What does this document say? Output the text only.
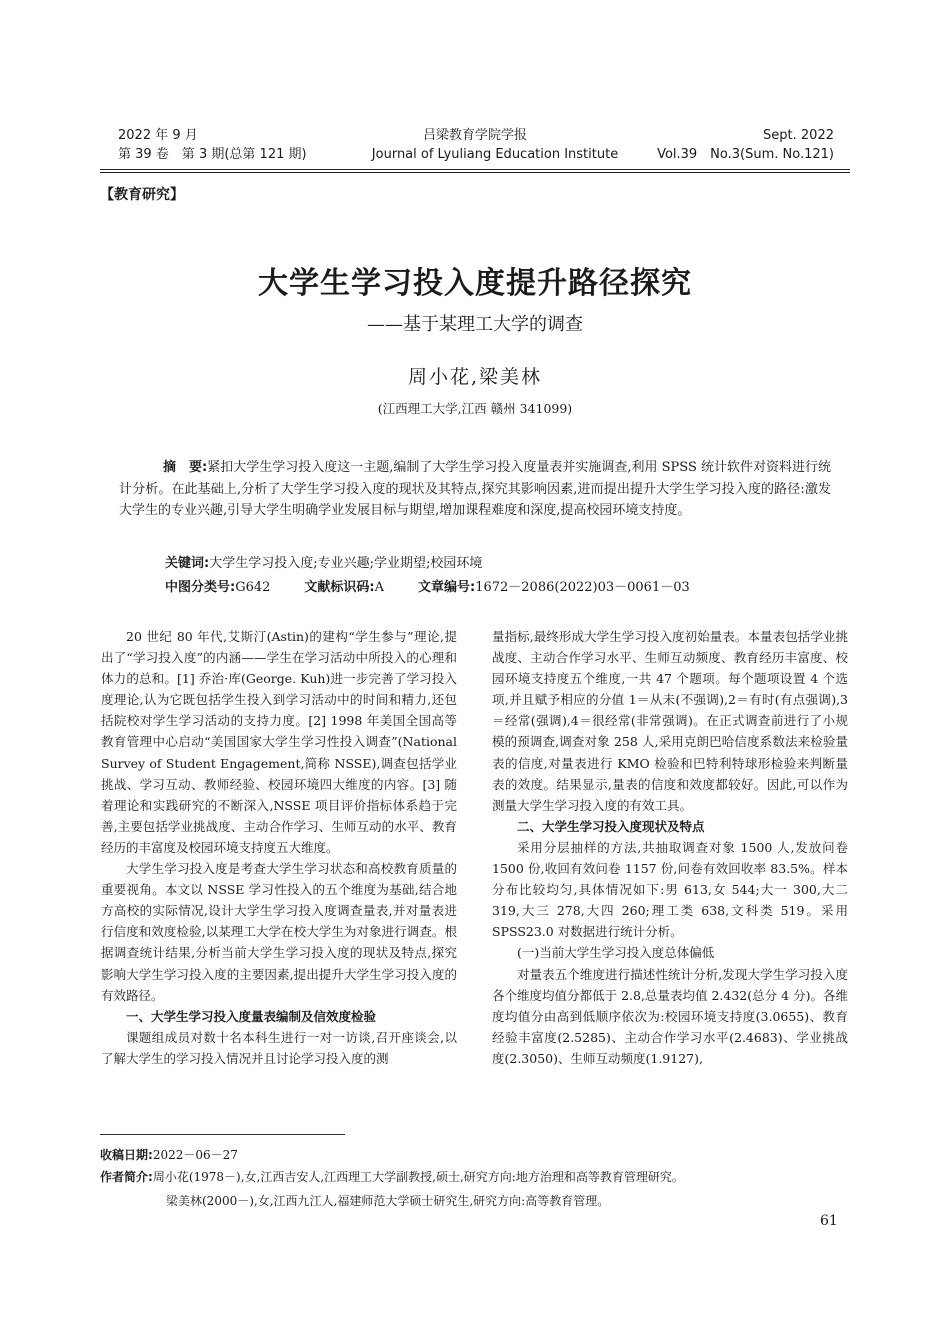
2022 年 9 月
第 39 卷　第 3 期(总第 121 期)
吕梁教育学院学报
Journal of Lyuliang Education Institute
Sept. 2022
Vol.39　No.3(Sum. No.121)
【教育研究】
大学生学习投入度提升路径探究
——基于某理工大学的调查
周小花,梁美林
(江西理工大学,江西 赣州 341099)
摘　要:紧扣大学生学习投入度这一主题,编制了大学生学习投入度量表并实施调查,利用 SPSS 统计软件对资料进行统计分析。在此基础上,分析了大学生学习投入度的现状及其特点,探究其影响因素,进而提出提升大学生学习投入度的路径:激发大学生的专业兴趣,引导大学生明确学业发展目标与期望,增加课程难度和深度,提高校园环境支持度。
关键词:大学生学习投入度;专业兴趣;学业期望;校园环境
中图分类号:G642	文献标识码:A	文章编号:1672－2086(2022)03－0061－03

20 世纪 80 年代,艾斯汀(Astin)的建构“学生参与”理论,提出了“学习投入度”的内涵——学生在学习活动中所投入的心理和体力的总和。[1] 乔治·库(George. Kuh)进一步完善了学习投入度理论,认为它既包括学生投入到学习活动中的时间和精力,还包括院校对学生学习活动的支持力度。[2] 1998 年美国全国高等教育管理中心启动“美国国家大学生学习性投入调查”(National Survey of Student Engagement,简称 NSSE),调查包括学业挑战、学习互动、教师经验、校园环境四大维度的内容。[3] 随着理论和实践研究的不断深入,NSSE 项目评价指标体系趋于完善,主要包括学业挑战度、主动合作学习、生师互动的水平、教育经历的丰富度及校园环境支持度五大维度。

大学生学习投入度是考查大学生学习状态和高校教育质量的重要视角。本文以 NSSE 学习性投入的五个维度为基础,结合地方高校的实际情况,设计大学生学习投入度调查量表,并对量表进行信度和效度检验,以某理工大学在校大学生为对象进行调查。根据调查统计结果,分析当前大学生学习投入度的现状及特点,探究影响大学生学习投入度的主要因素,提出提升大学生学习投入度的有效路径。

一、大学生学习投入度量表编制及信效度检验

课题组成员对数十名本科生进行一对一访谈,召开座谈会,以了解大学生的学习投入情况并且讨论学习投入度的测

量指标,最终形成大学生学习投入度初始量表。本量表包括学业挑战度、主动合作学习水平、生师互动频度、教育经历丰富度、校园环境支持度五个维度,一共 47 个题项。每个题项设置 4 个选项,并且赋予相应的分值 1＝从未(不强调),2＝有时(有点强调),3＝经常(强调),4＝很经常(非常强调)。在正式调查前进行了小规模的预调查,调查对象 258 人,采用克朗巴哈信度系数法来检验量表的信度,对量表进行 KMO 检验和巴特利特球形检验来判断量表的效度。结果显示,量表的信度和效度都较好。因此,可以作为测量大学生学习投入度的有效工具。

二、大学生学习投入度现状及特点

采用分层抽样的方法,共抽取调查对象 1500 人,发放问卷 1500 份,收回有效问卷 1157 份,问卷有效回收率 83.5%。样本分布比较均匀,具体情况如下:男 613,女 544;大一 300,大二 319,大三 278,大四 260;理工类 638,文科类 519。采用 SPSS23.0 对数据进行统计分析。

(一)当前大学生学习投入度总体偏低

对量表五个维度进行描述性统计分析,发现大学生学习投入度各个维度均值分都低于 2.8,总量表均值 2.432(总分 4 分)。各维度均值分由高到低顺序依次为:校园环境支持度(3.0655)、教育经验丰富度(2.5285)、主动合作学习水平(2.4683)、学业挑战度(2.3050)、生师互动频度(1.9127),

收稿日期:2022－06－27
作者简介:周小花(1978－),女,江西吉安人,江西理工大学副教授,硕士,研究方向:地方治理和高等教育管理研究。
梁美林(2000－),女,江西九江人,福建师范大学硕士研究生,研究方向:高等教育管理。
61
